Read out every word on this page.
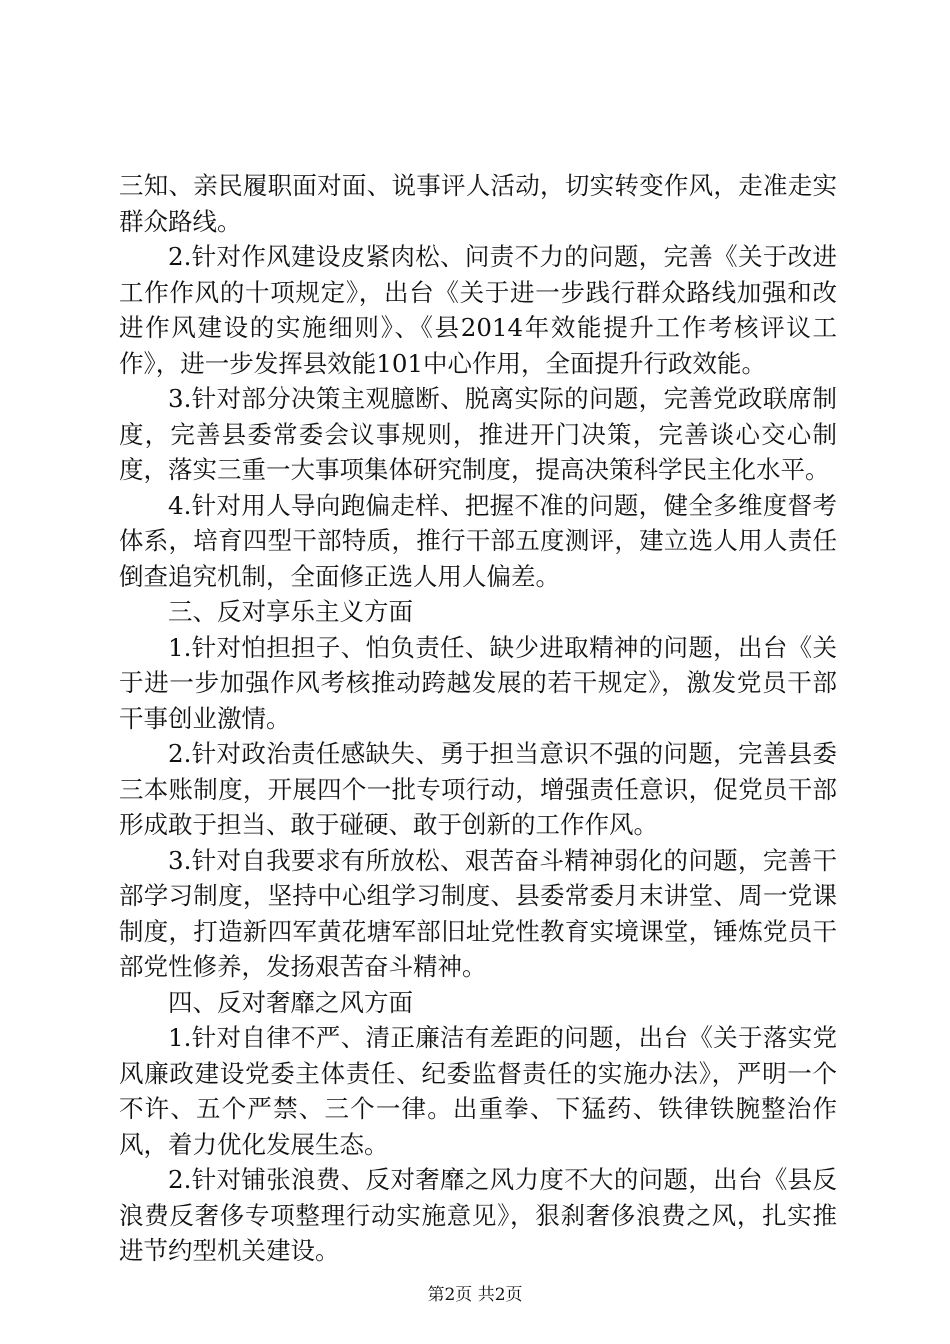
三知、亲民履职面对面、说事评人活动，切实转变作风，走准走实群众路线。

2.针对作风建设皮紧肉松、问责不力的问题，完善《关于改进工作作风的十项规定》，出台《关于进一步践行群众路线加强和改进作风建设的实施细则》、《县2014年效能提升工作考核评议工作》，进一步发挥县效能101中心作用，全面提升行政效能。

3.针对部分决策主观臆断、脱离实际的问题，完善党政联席制度，完善县委常委会议事规则，推进开门决策，完善谈心交心制度，落实三重一大事项集体研究制度，提高决策科学民主化水平。

4.针对用人导向跑偏走样、把握不准的问题，健全多维度督考体系，培育四型干部特质，推行干部五度测评，建立选人用人责任倒查追究机制，全面修正选人用人偏差。

三、反对享乐主义方面

1.针对怕担担子、怕负责任、缺少进取精神的问题，出台《关于进一步加强作风考核推动跨越发展的若干规定》，激发党员干部干事创业激情。

2.针对政治责任感缺失、勇于担当意识不强的问题，完善县委三本账制度，开展四个一批专项行动，增强责任意识，促党员干部形成敢于担当、敢于碰硬、敢于创新的工作作风。

3.针对自我要求有所放松、艰苦奋斗精神弱化的问题，完善干部学习制度，坚持中心组学习制度、县委常委月末讲堂、周一党课制度，打造新四军黄花塘军部旧址党性教育实境课堂，锤炼党员干部党性修养，发扬艰苦奋斗精神。

四、反对奢靡之风方面

1.针对自律不严、清正廉洁有差距的问题，出台《关于落实党风廉政建设党委主体责任、纪委监督责任的实施办法》，严明一个不许、五个严禁、三个一律。出重拳、下猛药、铁律铁腕整治作风，着力优化发展生态。

2.针对铺张浪费、反对奢靡之风力度不大的问题，出台《县反浪费反奢侈专项整理行动实施意见》，狠刹奢侈浪费之风，扎实推进节约型机关建设。

第2页 共2页
